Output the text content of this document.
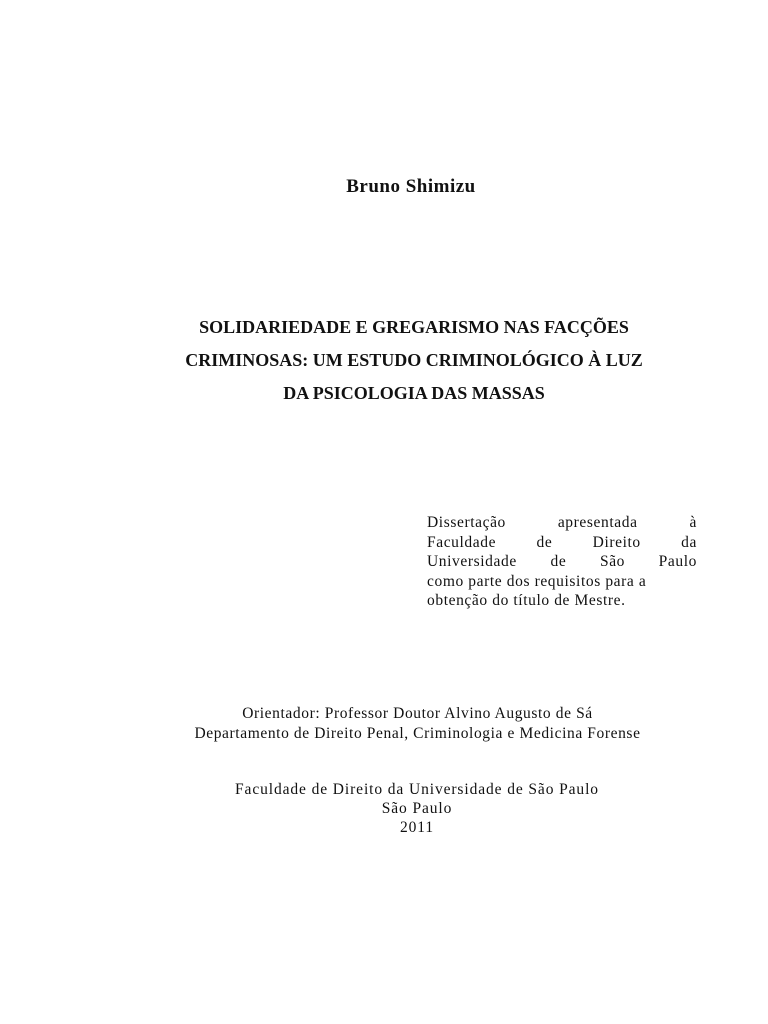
Bruno Shimizu
SOLIDARIEDADE E GREGARISMO NAS FACÇÕES
CRIMINOSAS: UM ESTUDO CRIMINOLÓGICO À LUZ
DA PSICOLOGIA DAS MASSAS
Dissertação	apresentada	à
Faculdade	de	Direito	da
Universidade de São Paulo
como parte dos requisitos para a
obtenção do título de Mestre.
Orientador: Professor Doutor Alvino Augusto de Sá
Departamento de Direito Penal, Criminologia e Medicina Forense
Faculdade de Direito da Universidade de São Paulo
São Paulo
2011
